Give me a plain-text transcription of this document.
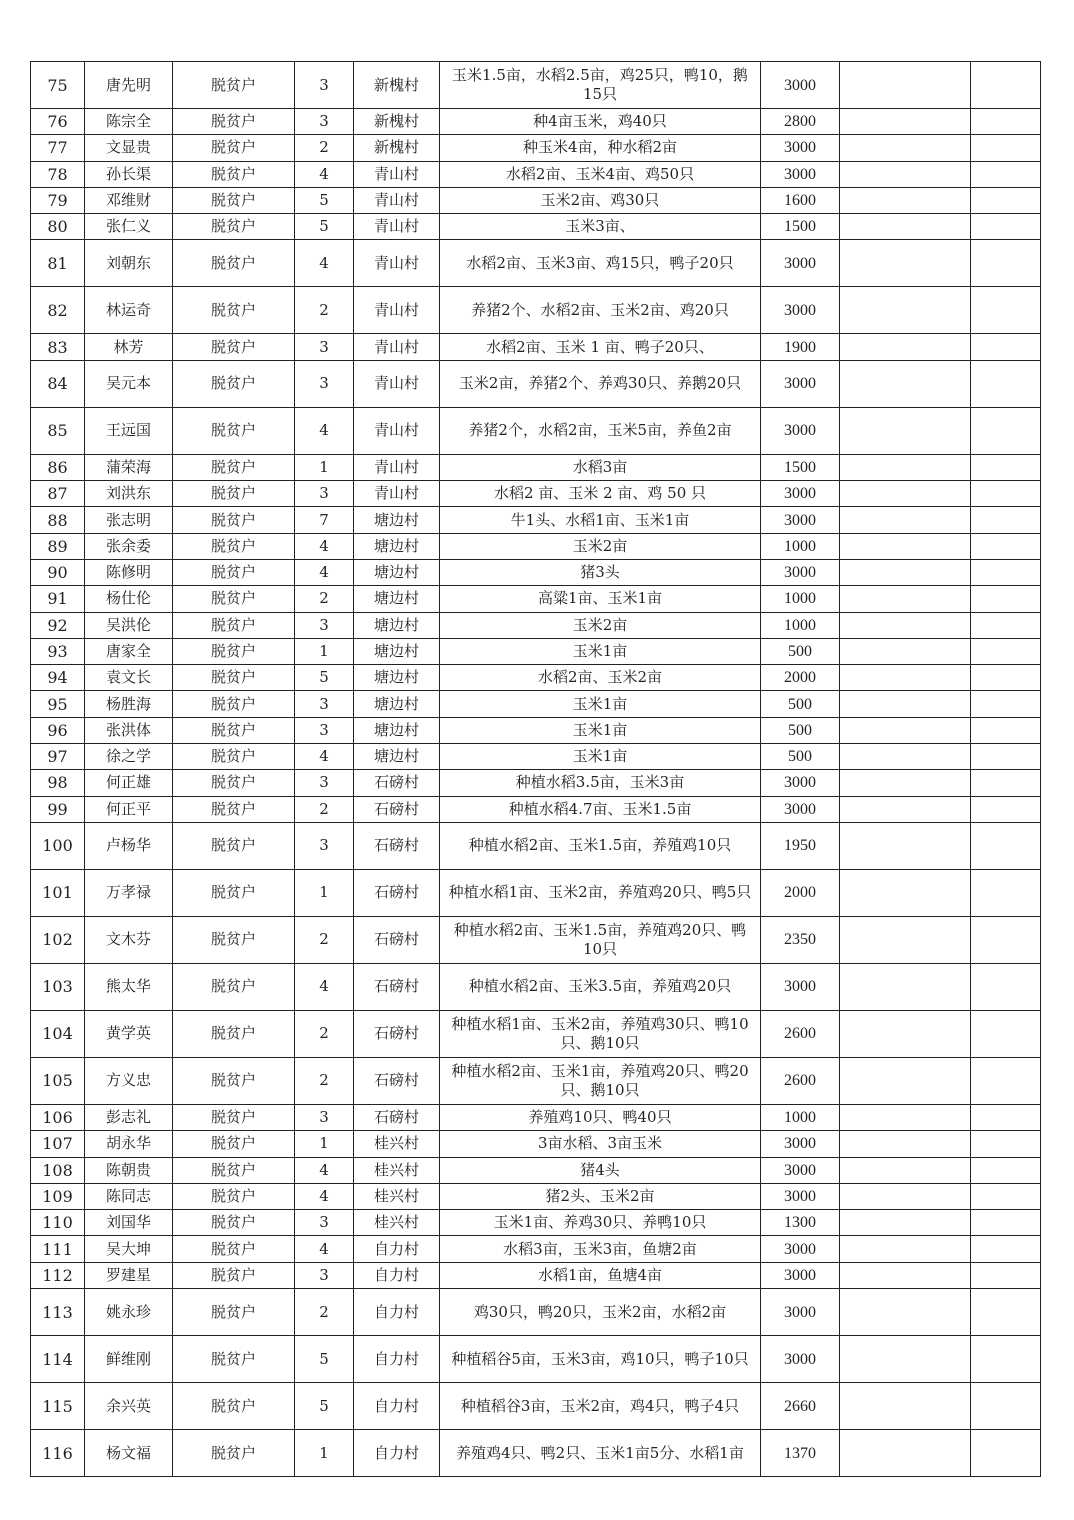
75	唐先明	脱贫户	3	新槐村	玉米1.5亩，水稻2.5亩，鸡25只，鸭10，鹅15只	3000		
76	陈宗全	脱贫户	3	新槐村	种4亩玉米，鸡40只	2800		
77	文显贵	脱贫户	2	新槐村	种玉米4亩，种水稻2亩	3000		
78	孙长渠	脱贫户	4	青山村	水稻2亩、玉米4亩、鸡50只	3000		
79	邓维财	脱贫户	5	青山村	玉米2亩、鸡30只	1600		
80	张仁义	脱贫户	5	青山村	玉米3亩、	1500		
81	刘朝东	脱贫户	4	青山村	水稻2亩、玉米3亩、鸡15只，鸭子20只	3000		
82	林运奇	脱贫户	2	青山村	养猪2个、水稻2亩、玉米2亩、鸡20只	3000		
83	林芳	脱贫户	3	青山村	水稻2亩、玉米 1 亩、鸭子20只、	1900		
84	吴元本	脱贫户	3	青山村	玉米2亩，养猪2个、养鸡30只、养鹅20只	3000		
85	王远国	脱贫户	4	青山村	养猪2个，水稻2亩，玉米5亩，养鱼2亩	3000		
86	蒲荣海	脱贫户	1	青山村	水稻3亩	1500		
87	刘洪东	脱贫户	3	青山村	水稻2 亩、玉米 2 亩、鸡 50 只	3000		
88	张志明	脱贫户	7	塘边村	牛1头、水稻1亩、玉米1亩	3000		
89	张余委	脱贫户	4	塘边村	玉米2亩	1000		
90	陈修明	脱贫户	4	塘边村	猪3头	3000		
91	杨仕伦	脱贫户	2	塘边村	高粱1亩、玉米1亩	1000		
92	吴洪伦	脱贫户	3	塘边村	玉米2亩	1000		
93	唐家全	脱贫户	1	塘边村	玉米1亩	500		
94	袁文长	脱贫户	5	塘边村	水稻2亩、玉米2亩	2000		
95	杨胜海	脱贫户	3	塘边村	玉米1亩	500		
96	张洪体	脱贫户	3	塘边村	玉米1亩	500		
97	徐之学	脱贫户	4	塘边村	玉米1亩	500		
98	何正雄	脱贫户	3	石磅村	种植水稻3.5亩，玉米3亩	3000		
99	何正平	脱贫户	2	石磅村	种植水稻4.7亩、玉米1.5亩	3000		
100	卢杨华	脱贫户	3	石磅村	种植水稻2亩、玉米1.5亩，养殖鸡10只	1950		
101	万孝禄	脱贫户	1	石磅村	种植水稻1亩、玉米2亩，养殖鸡20只、鸭5只	2000		
102	文木芬	脱贫户	2	石磅村	种植水稻2亩、玉米1.5亩，养殖鸡20只、鸭10只	2350		
103	熊太华	脱贫户	4	石磅村	种植水稻2亩、玉米3.5亩，养殖鸡20只	3000		
104	黄学英	脱贫户	2	石磅村	种植水稻1亩、玉米2亩，养殖鸡30只、鸭10只、鹅10只	2600		
105	方义忠	脱贫户	2	石磅村	种植水稻2亩、玉米1亩，养殖鸡20只、鸭20只、鹅10只	2600		
106	彭志礼	脱贫户	3	石磅村	养殖鸡10只、鸭40只	1000		
107	胡永华	脱贫户	1	桂兴村	3亩水稻、3亩玉米	3000		
108	陈朝贵	脱贫户	4	桂兴村	猪4头	3000		
109	陈同志	脱贫户	4	桂兴村	猪2头、玉米2亩	3000		
110	刘国华	脱贫户	3	桂兴村	玉米1亩、养鸡30只、养鸭10只	1300		
111	吴大坤	脱贫户	4	自力村	水稻3亩，玉米3亩，鱼塘2亩	3000		
112	罗建星	脱贫户	3	自力村	水稻1亩，鱼塘4亩	3000		
113	姚永珍	脱贫户	2	自力村	鸡30只，鸭20只，玉米2亩，水稻2亩	3000		
114	鲜维刚	脱贫户	5	自力村	种植稻谷5亩，玉米3亩，鸡10只，鸭子10只	3000		
115	余兴英	脱贫户	5	自力村	种植稻谷3亩，玉米2亩，鸡4只，鸭子4只	2660		
116	杨文福	脱贫户	1	自力村	养殖鸡4只、鸭2只、玉米1亩5分、水稻1亩	1370		
